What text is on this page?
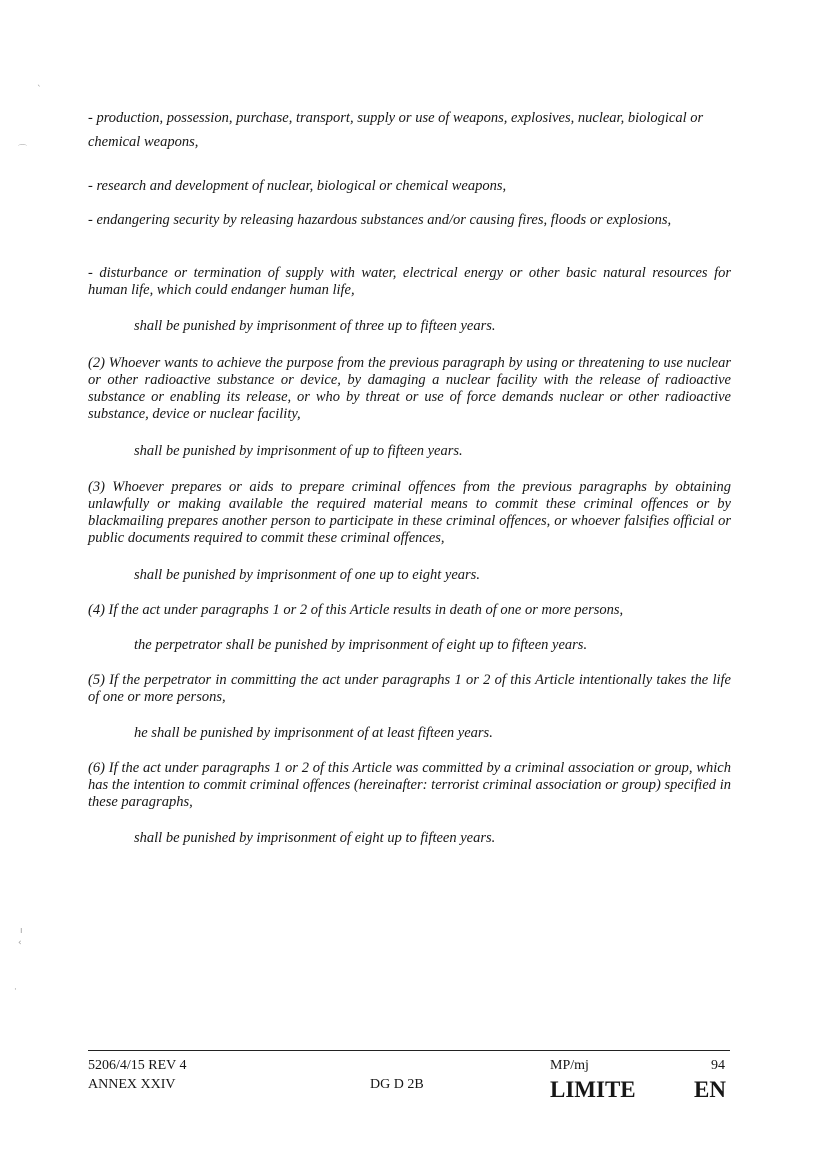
- production, possession, purchase, transport, supply or use of weapons, explosives, nuclear, biological or chemical weapons,

- research and development of nuclear, biological or chemical weapons,

- endangering security by releasing hazardous substances and/or causing fires, floods or explosions,

- disturbance or termination of supply with water, electrical energy or other basic natural resources for human life, which could endanger human life,

shall be punished by imprisonment of three up to fifteen years.

(2) Whoever wants to achieve the purpose from the previous paragraph by using or threatening to use nuclear or other radioactive substance or device, by damaging a nuclear facility with the release of radioactive substance or enabling its release, or who by threat or use of force demands nuclear or other radioactive substance, device or nuclear facility,

shall be punished by imprisonment of up to fifteen years.

(3) Whoever prepares or aids to prepare criminal offences from the previous paragraphs by obtaining unlawfully or making available the required material means to commit these criminal offences or by blackmailing prepares another person to participate in these criminal offences, or whoever falsifies official or public documents required to commit these criminal offences,

shall be punished by imprisonment of one up to eight years.

(4) If the act under paragraphs 1 or 2 of this Article results in death of one or more persons,

the perpetrator shall be punished by imprisonment of eight up to fifteen years.

(5) If the perpetrator in committing the act under paragraphs 1 or 2 of this Article intentionally takes the life of one or more persons,

he shall be punished by imprisonment of at least fifteen years.

(6) If the act under paragraphs 1 or 2 of this Article was committed by a criminal association or group, which has the intention to commit criminal offences (hereinafter: terrorist criminal association or group) specified in these paragraphs,

shall be punished by imprisonment of eight up to fifteen years.

`
⌒
ı
‹
·
5206/4/15 REV 4
ANNEX XXIV	DG D 2B
MP/mj	94
LIMITE	EN
